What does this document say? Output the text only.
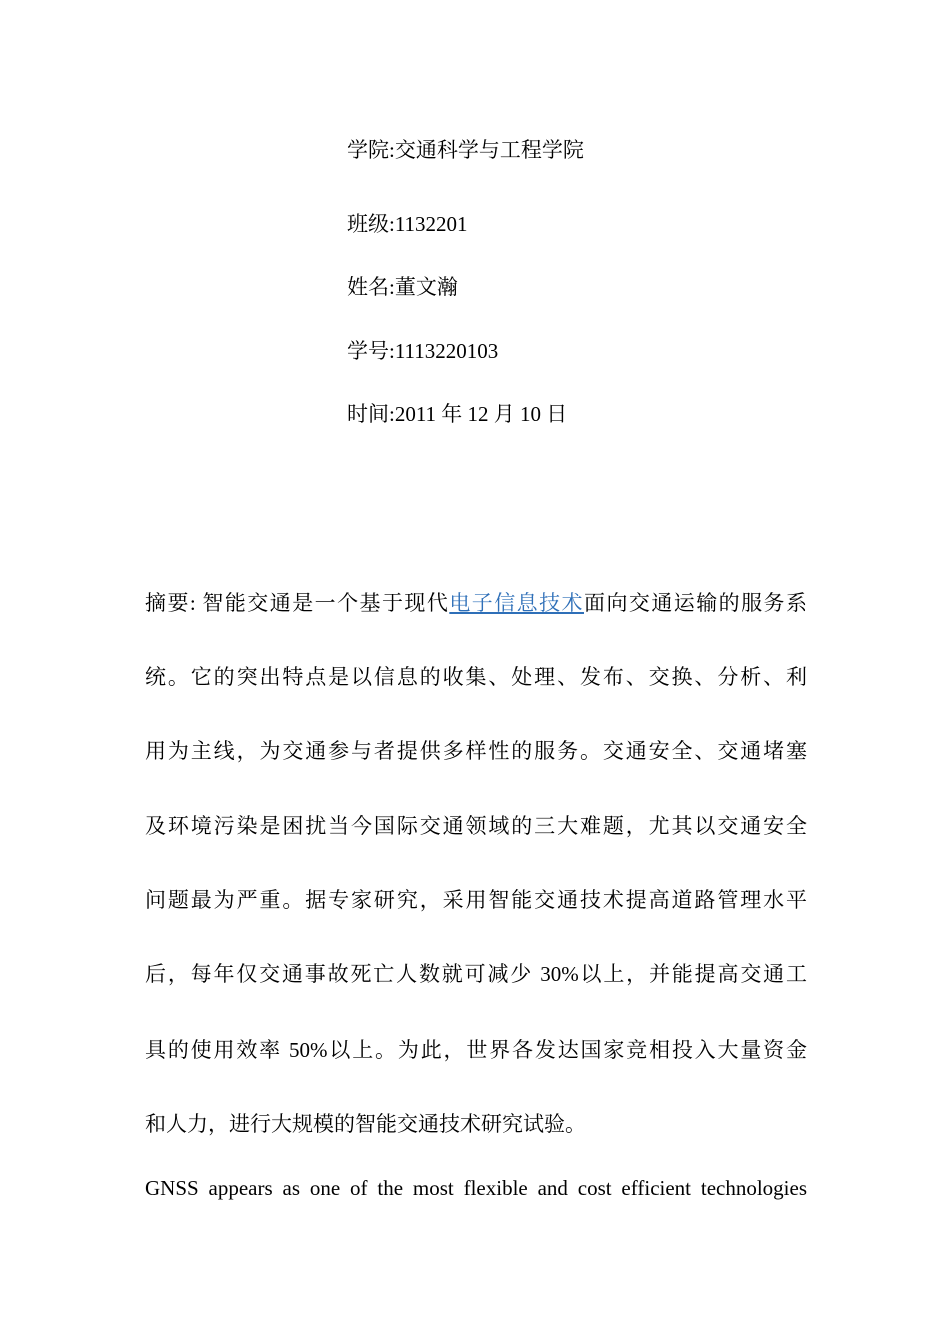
学院:交通科学与工程学院
班级:1132201
姓名:董文瀚
学号:1113220103
时间:2011 年 12 月 10 日
摘要: 智能交通是一个基于现代电子信息技术面向交通运输的服务系
统。它的突出特点是以信息的收集、处理、发布、交换、分析、利
用为主线，为交通参与者提供多样性的服务。交通安全、交通堵塞
及环境污染是困扰当今国际交通领域的三大难题，尤其以交通安全
问题最为严重。据专家研究，采用智能交通技术提高道路管理水平
后，每年仅交通事故死亡人数就可减少 30%以上，并能提高交通工
具的使用效率 50%以上。为此，世界各发达国家竞相投入大量资金
和人力，进行大规模的智能交通技术研究试验。
GNSS appears as one of the most flexible and cost efficient technologies
